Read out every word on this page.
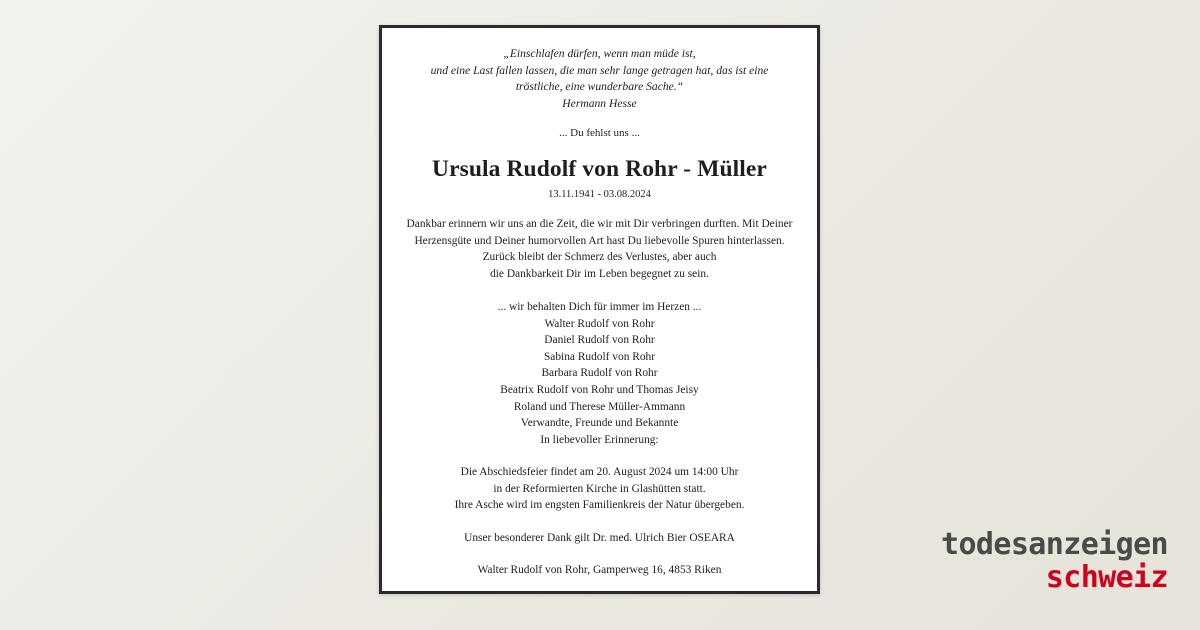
„Einschlafen dürfen, wenn man müde ist,
und eine Last fallen lassen, die man sehr lange getragen hat, das ist eine
tröstliche, eine wunderbare Sache.“
Hermann Hesse
... Du fehlst uns ...
Ursula Rudolf von Rohr - Müller
13.11.1941 - 03.08.2024
Dankbar erinnern wir uns an die Zeit, die wir mit Dir verbringen durften. Mit Deiner
Herzensgüte und Deiner humorvollen Art hast Du liebevolle Spuren hinterlassen.
Zurück bleibt der Schmerz des Verlustes, aber auch
die Dankbarkeit Dir im Leben begegnet zu sein.
... wir behalten Dich für immer im Herzen ...
Walter Rudolf von Rohr
Daniel Rudolf von Rohr
Sabina Rudolf von Rohr
Barbara Rudolf von Rohr
Beatrix Rudolf von Rohr und Thomas Jeisy
Roland und Therese Müller-Ammann
Verwandte, Freunde und Bekannte
In liebevoller Erinnerung:
Die Abschiedsfeier findet am 20. August 2024 um 14:00 Uhr
in der Reformierten Kirche in Glashütten statt.
Ihre Asche wird im engsten Familienkreis der Natur übergeben.
Unser besonderer Dank gilt Dr. med. Ulrich Bier OSEARA
Walter Rudolf von Rohr, Gamperweg 16, 4853 Riken
todesanzeigen
schweiz
